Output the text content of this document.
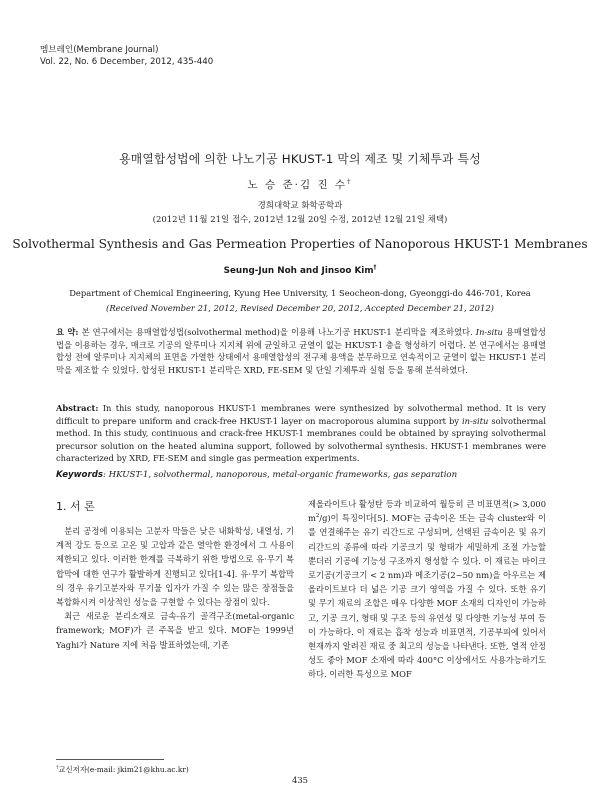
멤브레인(Membrane Journal)
Vol. 22, No. 6 December, 2012, 435-440
용매열합성법에 의한 나노기공 HKUST-1 막의 제조 및 기체투과 특성
노 승 준·김 진 수†
경희대학교 화학공학과
(2012년 11월 21일 접수, 2012년 12월 20일 수정, 2012년 12월 21일 채택)
Solvothermal Synthesis and Gas Permeation Properties of Nanoporous HKUST-1 Membranes
Seung-Jun Noh and Jinsoo Kim†
Department of Chemical Engineering, Kyung Hee University, 1 Seocheon-dong, Gyeonggi-do 446-701, Korea
(Received November 21, 2012, Revised December 20, 2012, Accepted December 21, 2012)
요 약: 본 연구에서는 용매열합성법(solvothermal method)을 이용해 나노기공 HKUST-1 분리막을 제조하였다. In-situ 용매열합성법을 이용하는 경우, 매크로 기공의 알루미나 지지체 위에 균일하고 균열이 없는 HKUST-1 층을 형성하기 어렵다. 본 연구에서는 용매열합성 전에 알루미나 지지체의 표면을 가열한 상태에서 용매열합성의 전구체 용액을 분무하므로 연속적이고 균열이 없는 HKUST-1 분리막을 제조할 수 있었다. 합성된 HKUST-1 분리막은 XRD, FE-SEM 및 단일 기체투과 실험 등을 통해 분석하였다.
Abstract: In this study, nanoporous HKUST-1 membranes were synthesized by solvothermal method. It is very difficult to prepare uniform and crack-free HKUST-1 layer on macroporous alumina support by in-situ solvothermal method. In this study, continuous and crack-free HKUST-1 membranes could be obtained by spraying solvothermal precursor solution on the heated alumina support, followed by solvothermal synthesis. HKUST-1 membranes were characterized by XRD, FE-SEM and single gas permeation experiments.
Keywords: HKUST-1, solvothermal, nanoporous, metal-organic frameworks, gas separation
1. 서 론

분리 공정에 이용되는 고분자 막들은 낮은 내화학성, 내열성, 기계적 강도 등으로 고온 및 고압과 같은 열악한 환경에서 그 사용이 제한되고 있다. 이러한 한계를 극복하기 위한 방법으로 유·무기 복합막에 대한 연구가 활발하게 진행되고 있다[1-4]. 유·무기 복합막의 경우 유기고분자와 무기물 입자가 가질 수 있는 많은 장점들을 복합화시켜 이상적인 성능을 구현할 수 있다는 장점이 있다.

최근 새로운 분리소재로 금속-유기 골격구조(metal-organic framework; MOF)가 큰 주목을 받고 있다. MOF는 1999년 Yaghi가 Nature 지에 처음 발표하였는데, 기존

제올라이트나 활성탄 등과 비교하여 월등히 큰 비표면적(> 3,000 $m^2/g$)이 특징이다[5]. MOF는 금속이온 또는 금속 cluster와 이를 연결해주는 유기 리간드로 구성되며, 선택된 금속이온 및 유기 리간드의 종류에 따라 기공크기 및 형태가 세밀하게 조절 가능할 뿐더러 기공에 기능성 구조까지 형성할 수 있다. 이 재료는 마이크로기공(기공크기 < 2 nm)과 메조기공(2~50 nm)을 아우르는 제올라이트보다 더 넓은 기공 크기 영역을 가질 수 있다. 또한 유기 및 무기 재료의 조합은 매우 다양한 MOF 소재의 디자인이 가능하고, 기공 크기, 형태 및 구조 등의 유연성 및 다양한 기능성 부여 등이 가능하다. 이 재료는 흡착 성능과 비표면적, 기공부피에 있어서 현재까지 알려진 재료 중 최고의 성능을 나타낸다. 또한, 열적 안정성도 좋아 MOF 소재에 따라 400°C 이상에서도 사용가능하기도 하다. 이러한 특성으로 MOF

†교신저자(e-mail: jkim21@khu.ac.kr)
435
